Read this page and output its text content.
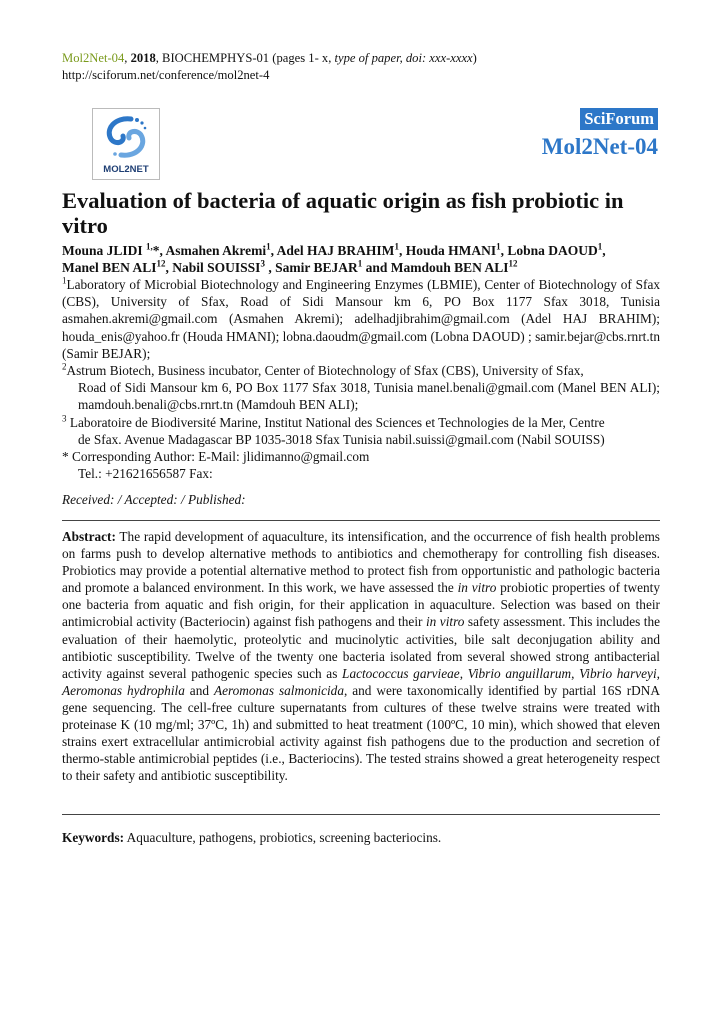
Mol2Net-04, 2018, BIOCHEMPHYS-01 (pages 1- x, type of paper, doi: xxx-xxxx)
http://sciforum.net/conference/mol2net-4
MOL2NET
SciForum
Mol2Net-04
Evaluation of bacteria of aquatic origin as fish probiotic in vitro
Mouna JLIDI $^{1,}$*, Asmahen Akremi$^1$, Adel HAJ BRAHIM$^1$, Houda HMANI$^1$, Lobna DAOUD$^1$,
Manel BEN ALI$^{12}$, Nabil SOUISSI$^3$ , Samir BEJAR$^1$ and Mamdouh BEN ALI$^{12}$

$^1$Laboratory of Microbial Biotechnology and Engineering Enzymes (LBMIE), Center of Biotechnology of Sfax (CBS), University of Sfax, Road of Sidi Mansour km 6, PO Box 1177 Sfax 3018, Tunisia asmahen.akremi@gmail.com (Asmahen Akremi); adelhadjibrahim@gmail.com (Adel HAJ BRAHIM); houda_enis@yahoo.fr (Houda HMANI); lobna.daoudm@gmail.com (Lobna DAOUD) ; samir.bejar@cbs.rnrt.tn (Samir BEJAR);

$^2$Astrum Biotech, Business incubator, Center of Biotechnology of Sfax (CBS), University of Sfax,

Road of Sidi Mansour km 6, PO Box 1177 Sfax 3018, Tunisia manel.benali@gmail.com (Manel BEN ALI); mamdouh.benali@cbs.rnrt.tn (Mamdouh BEN ALI);

$^3$ Laboratoire de Biodiversité Marine, Institut National des Sciences et Technologies de la Mer, Centre

de Sfax. Avenue Madagascar BP 1035-3018 Sfax Tunisia nabil.suissi@gmail.com (Nabil SOUISS)

* Corresponding Author: E-Mail: jlidimanno@gmail.com

Tel.: +21621656587 Fax:

Received: / Accepted: / Published:

Abstract: The rapid development of aquaculture, its intensification, and the occurrence of fish health problems on farms push to develop alternative methods to antibiotics and chemotherapy for controlling fish diseases. Probiotics may provide a potential alternative method to protect fish from opportunistic and pathologic bacteria and promote a balanced environment. In this work, we have assessed the in vitro probiotic properties of twenty one bacteria from aquatic and fish origin, for their application in aquaculture. Selection was based on their antimicrobial activity (Bacteriocin) against fish pathogens and their in vitro safety assessment. This includes the evaluation of their haemolytic, proteolytic and mucinolytic activities, bile salt deconjugation ability and antibiotic susceptibility. Twelve of the twenty one bacteria isolated from several showed strong antibacterial activity against several pathogenic species such as Lactococcus garvieae, Vibrio anguillarum, Vibrio harveyi, Aeromonas hydrophila and Aeromonas salmonicida, and were taxonomically identified by partial 16S rDNA gene sequencing. The cell-free culture supernatants from cultures of these twelve strains were treated with proteinase K (10 mg/ml; 37ºC, 1h) and submitted to heat treatment (100ºC, 10 min), which showed that eleven strains exert extracellular antimicrobial activity against fish pathogens due to the production and secretion of thermo-stable antimicrobial peptides (i.e., Bacteriocins). The tested strains showed a great heterogeneity respect to their safety and antibiotic susceptibility.

Keywords: Aquaculture, pathogens, probiotics, screening bacteriocins.
